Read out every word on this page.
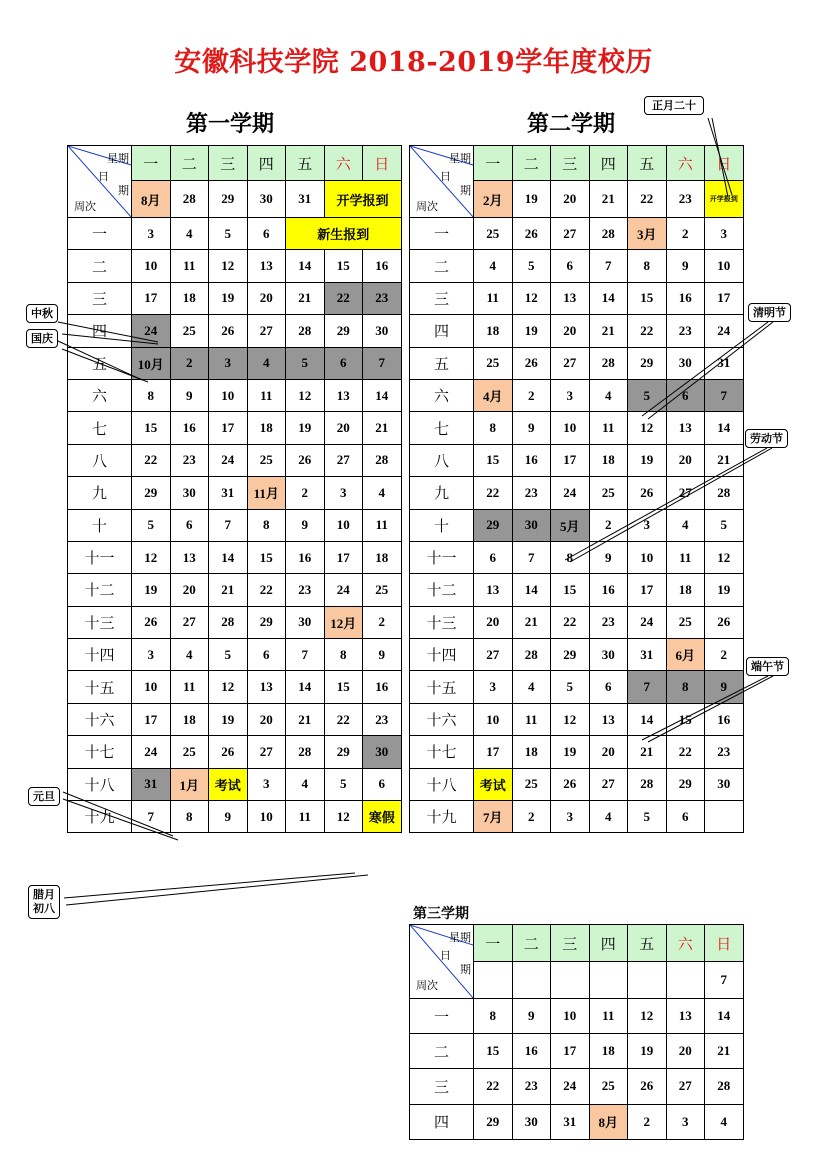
安徽科技学院 2018-2019学年度校历
第一学期	第二学期
第三学期
星期
日
期
周次	一	二	三	四	五	六	日
	8月	28	29	30	31	开学报到	
一	3	4	5	6	新生报到		
二	10	11	12	13	14	15	16
三	17	18	19	20	21	22	23
四	24	25	26	27	28	29	30
五	10月	2	3	4	5	6	7
六	8	9	10	11	12	13	14
七	15	16	17	18	19	20	21
八	22	23	24	25	26	27	28
九	29	30	31	11月	2	3	4
十	5	6	7	8	9	10	11
十一	12	13	14	15	16	17	18
十二	19	20	21	22	23	24	25
十三	26	27	28	29	30	12月	2
十四	3	4	5	6	7	8	9
十五	10	11	12	13	14	15	16
十六	17	18	19	20	21	22	23
十七	24	25	26	27	28	29	30
十八	31	1月	考试	3	4	5	6
十九	7	8	9	10	11	12	寒假
星期
日
期
周次	一	二	三	四	五	六	日
	2月	19	20	21	22	23	开学报到
一	25	26	27	28	3月	2	3
二	4	5	6	7	8	9	10
三	11	12	13	14	15	16	17
四	18	19	20	21	22	23	24
五	25	26	27	28	29	30	31
六	4月	2	3	4	5	6	7
七	8	9	10	11	12	13	14
八	15	16	17	18	19	20	21
九	22	23	24	25	26	27	28
十	29	30	5月	2	3	4	5
十一	6	7	8	9	10	11	12
十二	13	14	15	16	17	18	19
十三	20	21	22	23	24	25	26
十四	27	28	29	30	31	6月	2
十五	3	4	5	6	7	8	9
十六	10	11	12	13	14	15	16
十七	17	18	19	20	21	22	23
十八	考试	25	26	27	28	29	30
十九	7月	2	3	4	5	6	
星期
日
期
周次	一	二	三	四	五	六	日
							7
一	8	9	10	11	12	13	14
二	15	16	17	18	19	20	21
三	22	23	24	25	26	27	28
四	29	30	31	8月	2	3	4
中秋
国庆
元旦
腊月
初八
正月二十
清明节
劳动节
端午节
